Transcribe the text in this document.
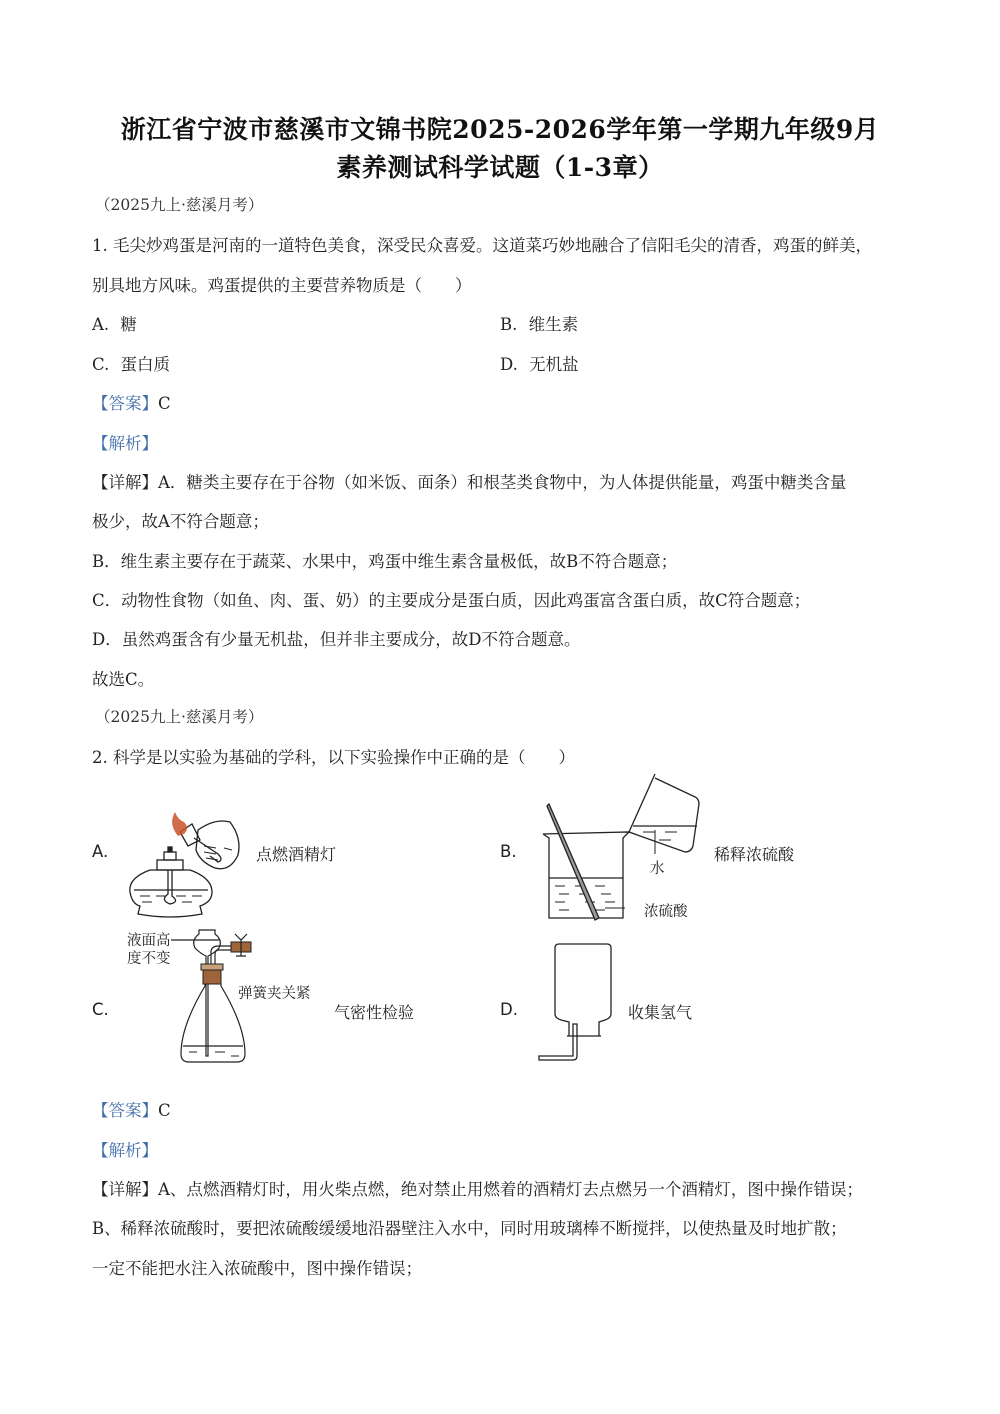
浙江省宁波市慈溪市文锦书院2025-2026学年第一学期九年级9月
素养测试科学试题（1-3章）
（2025九上·慈溪月考）
1. 毛尖炒鸡蛋是河南的一道特色美食，深受民众喜爱。这道菜巧妙地融合了信阳毛尖的清香，鸡蛋的鲜美，
别具地方风味。鸡蛋提供的主要营养物质是（　　）
A. 糖	B. 维生素
C. 蛋白质	D. 无机盐
【答案】C
【解析】
【详解】A．糖类主要存在于谷物（如米饭、面条）和根茎类食物中，为人体提供能量，鸡蛋中糖类含量
极少，故A不符合题意；
B．维生素主要存在于蔬菜、水果中，鸡蛋中维生素含量极低，故B不符合题意；
C．动物性食物（如鱼、肉、蛋、奶）的主要成分是蛋白质，因此鸡蛋富含蛋白质，故C符合题意；
D．虽然鸡蛋含有少量无机盐，但并非主要成分，故D不符合题意。
故选C。
（2025九上·慈溪月考）
2. 科学是以实验为基础的学科，以下实验操作中正确的是（　　）
A.	点燃酒精灯	B.
水
浓硫酸
稀释浓硫酸
液面高
度不变
C.
弹簧夹关紧
气密性检验	D.	收集氢气
【答案】C
【解析】
【详解】A、点燃酒精灯时，用火柴点燃，绝对禁止用燃着的酒精灯去点燃另一个酒精灯，图中操作错误；
B、稀释浓硫酸时，要把浓硫酸缓缓地沿器壁注入水中，同时用玻璃棒不断搅拌，以使热量及时地扩散；
一定不能把水注入浓硫酸中，图中操作错误；
